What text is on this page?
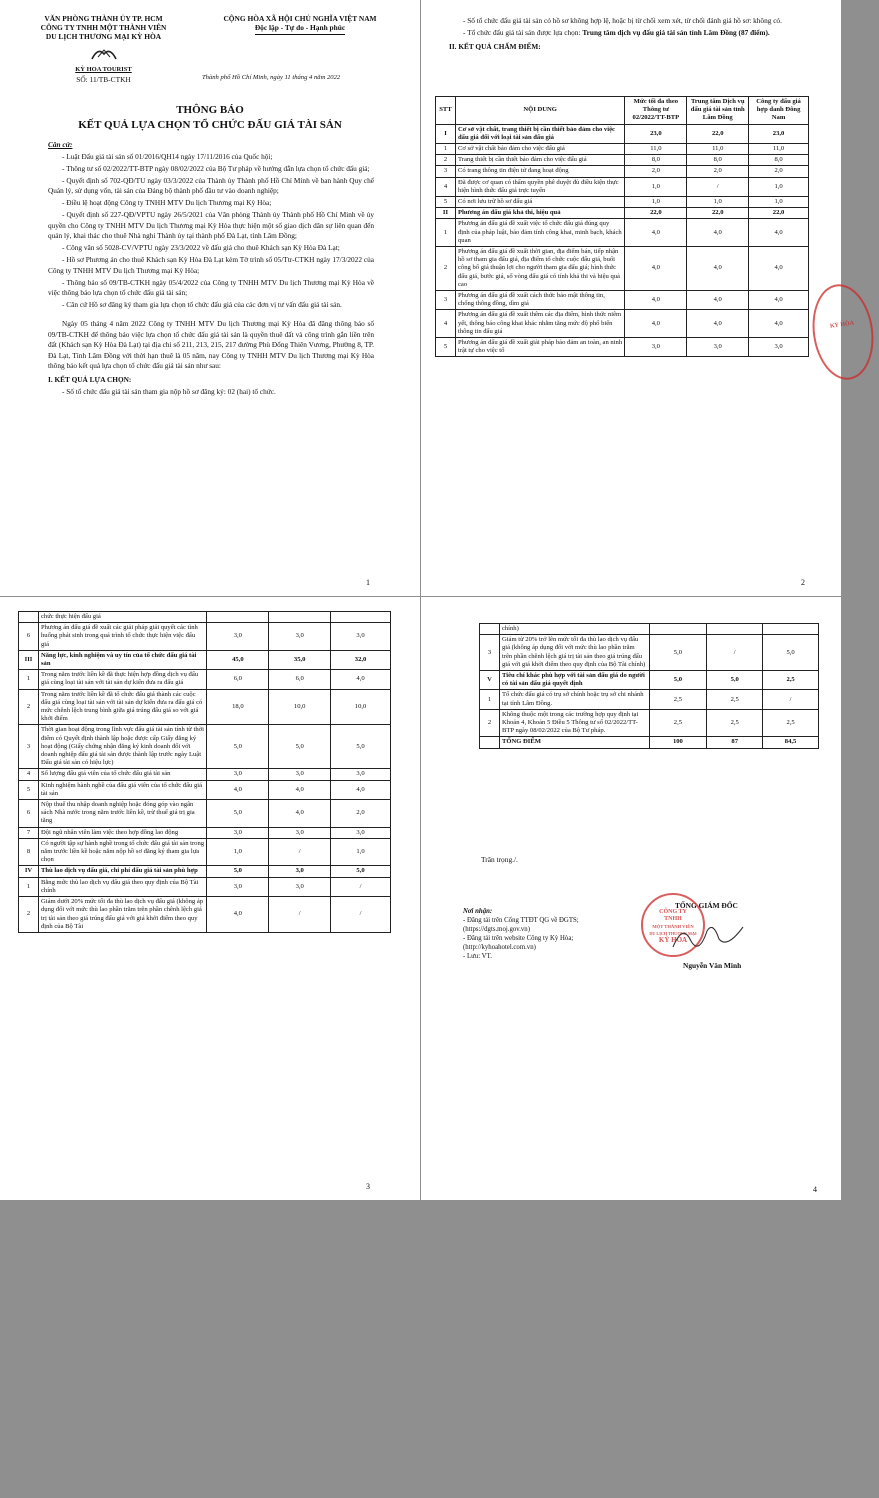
VĂN PHÒNG THÀNH ỦY TP. HCM
CÔNG TY TNHH MỘT THÀNH VIÊN
DU LỊCH THƯƠNG MẠI KỲ HÒA
KỲ HOA TOURIST
SỐ: 11/TB-CTKH
CỘNG HÒA XÃ HỘI CHỦ NGHĨA VIỆT NAM
Độc lập - Tự do - Hạnh phúc
Thành phố Hồ Chí Minh, ngày 11 tháng 4 năm 2022
THÔNG BÁO
KẾT QUẢ LỰA CHỌN TỔ CHỨC ĐẤU GIÁ TÀI SẢN

Căn cứ:

- Luật Đấu giá tài sản số 01/2016/QH14 ngày 17/11/2016 của Quốc hội;

- Thông tư số 02/2022/TT-BTP ngày 08/02/2022 của Bộ Tư pháp về hướng dẫn lựa chọn tổ chức đấu giá;

- Quyết định số 702-QĐ/TU ngày 03/3/2022 của Thành ủy Thành phố Hồ Chí Minh về ban hành Quy chế Quản lý, sử dụng vốn, tài sản của Đảng bộ thành phố đầu tư vào doanh nghiệp;

- Điều lệ hoạt động Công ty TNHH MTV Du lịch Thương mại Kỳ Hòa;

- Quyết định số 227-QĐ/VPTU ngày 26/5/2021 của Văn phòng Thành ủy Thành phố Hồ Chí Minh về ủy quyền cho Công ty TNHH MTV Du lịch Thương mại Kỳ Hòa thực hiện một số giao dịch dân sự liên quan đến quản lý, khai thác cho thuê Nhà nghỉ Thành ủy tại thành phố Đà Lạt, tỉnh Lâm Đồng;

- Công văn số 5028-CV/VPTU ngày 23/3/2022 về đấu giá cho thuê Khách sạn Kỳ Hòa Đà Lạt;

- Hồ sơ Phương án cho thuê Khách sạn Kỳ Hòa Đà Lạt kèm Tờ trình số 05/Ttr-CTKH ngày 17/3/2022 của Công ty TNHH MTV Du lịch Thương mại Kỳ Hòa;

- Thông báo số 09/TB-CTKH ngày 05/4/2022 của Công ty TNHH MTV Du lịch Thương mại Kỳ Hòa về việc thông báo lựa chọn tổ chức đấu giá tài sản;

- Căn cứ Hồ sơ đăng ký tham gia lựa chọn tổ chức đấu giá của các đơn vị tư vấn đấu giá tài sản.

Ngày 05 tháng 4 năm 2022 Công ty TNHH MTV Du lịch Thương mại Kỳ Hòa đã đăng thông báo số 09/TB-CTKH để thông báo việc lựa chọn tổ chức đấu giá tài sản là quyền thuê đất và công trình gắn liền trên đất (Khách sạn Kỳ Hòa Đà Lạt) tại địa chỉ số 211, 213, 215, 217 đường Phù Đổng Thiên Vương, Phường 8, TP. Đà Lạt, Tỉnh Lâm Đồng với thời hạn thuê là 05 năm, nay Công ty TNHH MTV Du lịch Thương mại Kỳ Hòa thông báo kết quả lựa chọn tổ chức đấu giá tài sản như sau:

I. KẾT QUẢ LỰA CHỌN:

- Số tổ chức đấu giá tài sản tham gia nộp hồ sơ đăng ký: 02 (hai) tổ chức.

1

- Số tổ chức đấu giá tài sản có hồ sơ không hợp lệ, hoặc bị từ chối xem xét, từ chối đánh giá hồ sơ: không có.

- Tổ chức đấu giá tài sản được lựa chọn: Trung tâm dịch vụ đấu giá tài sản tỉnh Lâm Đồng (87 điểm).

II. KẾT QUẢ CHẤM ĐIỂM:

STT	NỘI DUNG	Mức tối đa theo Thông tư 02/2022/TT-BTP	Trung tâm Dịch vụ đấu giá tài sản tỉnh Lâm Đồng	Công ty đấu giá hợp danh Đông Nam
I	Cơ sở vật chất, trang thiết bị cần thiết bảo đảm cho việc đấu giá đối với loại tài sản đấu giá	23,0	22,0	23,0
1	Cơ sở vật chất bảo đảm cho việc đấu giá	11,0	11,0	11,0
2	Trang thiết bị cần thiết bảo đảm cho việc đấu giá	8,0	8,0	8,0
3	Có trang thông tin điện tử đang hoạt động	2,0	2,0	2,0
4	Đã được cơ quan có thẩm quyền phê duyệt đủ điều kiện thực hiện hình thức đấu giá trực tuyến	1,0	/	1,0
5	Có nơi lưu trữ hồ sơ đấu giá	1,0	1,0	1,0
II	Phương án đấu giá khả thi, hiệu quả	22,0	22,0	22,0
1	Phương án đấu giá đề xuất việc tổ chức đấu giá đúng quy định của pháp luật, bảo đảm tính công khai, minh bạch, khách quan	4,0	4,0	4,0
2	Phương án đấu giá đề xuất thời gian, địa điểm bán, tiếp nhận hồ sơ tham gia đấu giá, địa điểm tổ chức cuộc đấu giá, buổi công bố giá thuận lợi cho người tham gia đấu giá; hình thức đấu giá, bước giá, số vòng đấu giá có tính khả thi và hiệu quả cao	4,0	4,0	4,0
3	Phương án đấu giá đề xuất cách thức bảo mật thông tin, chống thông đồng, dìm giá	4,0	4,0	4,0
4	Phương án đấu giá đề xuất thêm các địa điểm, hình thức niêm yết, thông báo công khai khác nhằm tăng mức độ phổ biến thông tin đấu giá	4,0	4,0	4,0
5	Phương án đấu giá đề xuất giải pháp bảo đảm an toàn, an ninh trật tự cho việc tổ	3,0	3,0	3,0
KỲ HÒA
2
	chức thực hiện đấu giá			
6	Phương án đấu giá đề xuất các giải pháp giải quyết các tình huống phát sinh trong quá trình tổ chức thực hiện việc đấu giá	3,0	3,0	3,0
III	Năng lực, kinh nghiệm và uy tín của tổ chức đấu giá tài sản	45,0	35,0	32,0
1	Trong năm trước liền kề đã thực hiện hợp đồng dịch vụ đấu giá cùng loại tài sản với tài sản dự kiến đưa ra đấu giá	6,0	6,0	4,0
2	Trong năm trước liền kề đã tổ chức đấu giá thành các cuộc đấu giá cùng loại tài sản với tài sản dự kiến đưa ra đấu giá có mức chênh lệch trung bình giữa giá trúng đấu giá so với giá khởi điểm	18,0	10,0	10,0
3	Thời gian hoạt động trong lĩnh vực đấu giá tài sản tính từ thời điểm có Quyết định thành lập hoặc được cấp Giấy đăng ký hoạt động (Giấy chứng nhận đăng ký kinh doanh đối với doanh nghiệp đấu giá tài sản được thành lập trước ngày Luật Đấu giá tài sản có hiệu lực)	5,0	5,0	5,0
4	Số lượng đấu giá viên của tổ chức đấu giá tài sản	3,0	3,0	3,0
5	Kinh nghiệm hành nghề của đấu giá viên của tổ chức đấu giá tài sản	4,0	4,0	4,0
6	Nộp thuế thu nhập doanh nghiệp hoặc đóng góp vào ngân sách Nhà nước trong năm trước liền kề, trừ thuế giá trị gia tăng	5,0	4,0	2,0
7	Đội ngũ nhân viên làm việc theo hợp đồng lao động	3,0	3,0	3,0
8	Có người tập sự hành nghề trong tổ chức đấu giá tài sản trong năm trước liền kề hoặc năm nộp hồ sơ đăng ký tham gia lựa chọn	1,0	/	1,0
IV	Thù lao dịch vụ đấu giá, chi phí đấu giá tài sản phù hợp	5,0	3,0	5,0
1	Bằng mức thù lao dịch vụ đấu giá theo quy định của Bộ Tài chính	3,0	3,0	/
2	Giảm dưới 20% mức tối đa thù lao dịch vụ đấu giá (không áp dụng đối với mức thù lao phần trăm trên phần chênh lệch giá trị tài sản theo giá trúng đấu giá với giá khởi điểm theo quy định của Bộ Tài	4,0	/	/
3
	chính)			
3	Giảm từ 20% trở lên mức tối đa thù lao dịch vụ đấu giá (không áp dụng đối với mức thù lao phần trăm trên phần chênh lệch giá trị tài sản theo giá trúng đấu giá với giá khởi điểm theo quy định của Bộ Tài chính)	5,0	/	5,0
V	Tiêu chí khác phù hợp với tài sản đấu giá do người có tài sản đấu giá quyết định	5,0	5,0	2,5
1	Tổ chức đấu giá có trụ sở chính hoặc trụ sở chi nhánh tại tỉnh Lâm Đồng.	2,5	2,5	/
2	Không thuộc một trong các trường hợp quy định tại Khoản 4, Khoản 5 Điều 5 Thông tư số 02/2022/TT-BTP ngày 08/02/2022 của Bộ Tư pháp.	2,5	2,5	2,5
	TỔNG ĐIỂM	100	87	84,5
Trân trọng./.
TỔNG GIÁM ĐỐC
CÔNG TY
TNHH
MỘT THÀNH VIÊN
DU LỊCH THƯƠNG MẠI
KỲ HÒA
Nguyễn Văn Minh
Nơi nhận:
- Đăng tải trên Cổng TTĐT QG về ĐGTS;
(https://dgts.moj.gov.vn)
- Đăng tải trên website Công ty Kỳ Hòa;
(http://kyhoahotel.com.vn)
- Lưu: VT.
4
